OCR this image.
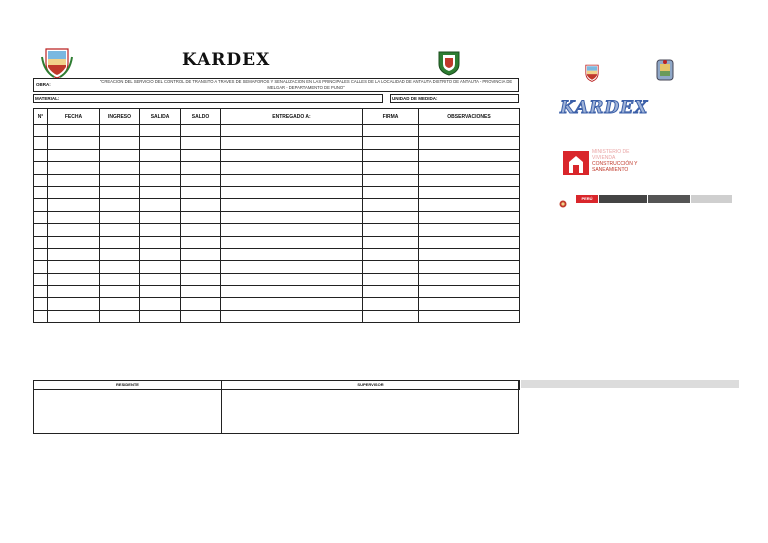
KARDEX
OBRA:
"CREACION DEL SERVICIO DEL CONTROL DE TRANSITO A TRAVES DE SEMAFOROS Y SENALIZACION EN LAS PRINCIPALES CALLES DE LA LOCALIDAD DE ANTAUTA DISTRITO DE ANTAUTA - PROVINCIA DE
MELGAR - DEPARTAMENTO DE PUNO"
MATERIAL:	UNIDAD DE MEDIDA:
N°	FECHA	INGRESO	SALIDA	SALDO	ENTREGADO A:	FIRMA	OBSERVACIONES

RESIDENTE	SUPERVISOR
KARDEX
MINISTERIO DE
VIVIENDA
CONSTRUCCIÓN Y
SANEAMIENTO
PERÚ
